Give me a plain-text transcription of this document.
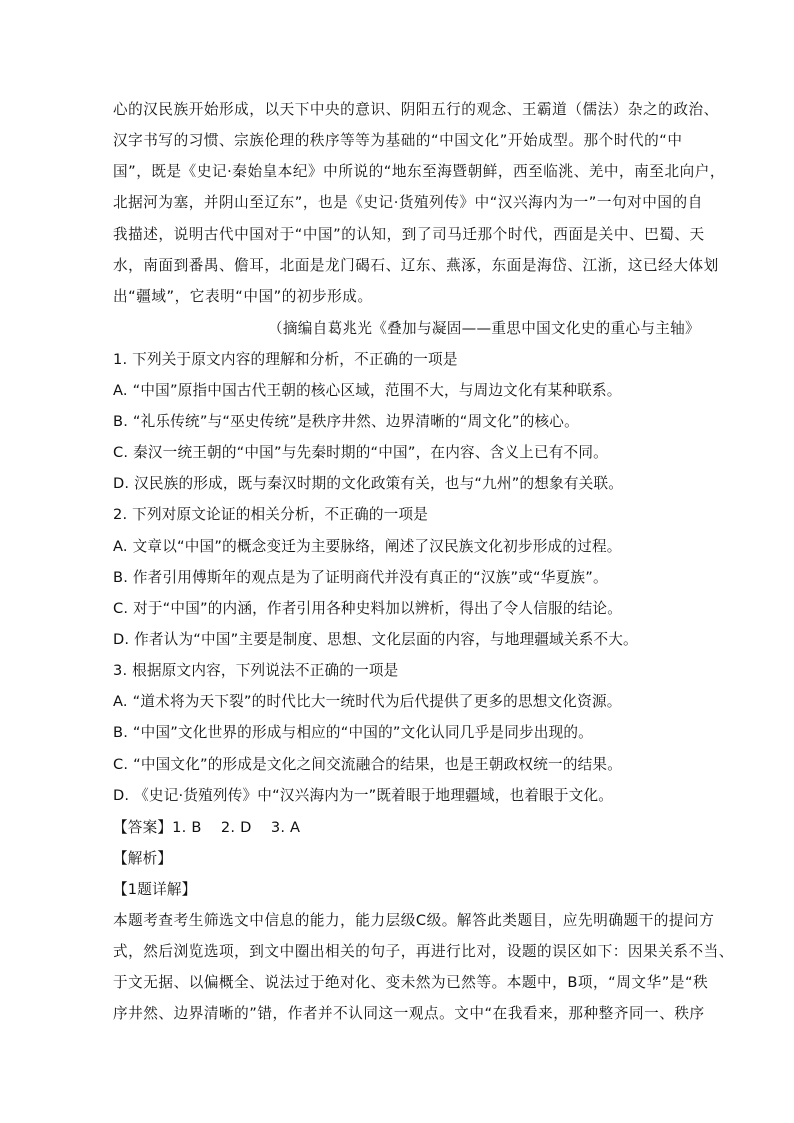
心的汉民族开始形成，以天下中央的意识、阴阳五行的观念、王霸道（儒法）杂之的政治、
汉字书写的习惯、宗族伦理的秩序等等为基础的“中国文化”开始成型。那个时代的“中
国”，既是《史记·秦始皇本纪》中所说的“地东至海暨朝鲜，西至临洮、羌中，南至北向户，
北据河为塞，并阴山至辽东”，也是《史记·货殖列传》中“汉兴海内为一”一句对中国的自
我描述，说明古代中国对于“中国”的认知，到了司马迁那个时代，西面是关中、巴蜀、天
水，南面到番禺、儋耳，北面是龙门碣石、辽东、燕涿，东面是海岱、江浙，这已经大体划
出“疆域”，它表明“中国”的初步形成。
（摘编自葛兆光《叠加与凝固——重思中国文化史的重心与主轴》
1. 下列关于原文内容的理解和分析，不正确的一项是
A. “中国”原指中国古代王朝的核心区域，范围不大，与周边文化有某种联系。
B. “礼乐传统”与“巫史传统”是秩序井然、边界清晰的“周文化”的核心。
C. 秦汉一统王朝的“中国”与先秦时期的“中国”，在内容、含义上已有不同。
D. 汉民族的形成，既与秦汉时期的文化政策有关，也与“九州”的想象有关联。
2. 下列对原文论证的相关分析，不正确的一项是
A. 文章以“中国”的概念变迁为主要脉络，阐述了汉民族文化初步形成的过程。
B. 作者引用傅斯年的观点是为了证明商代并没有真正的“汉族”或“华夏族”。
C. 对于“中国”的内涵，作者引用各种史料加以辨析，得出了令人信服的结论。
D. 作者认为“中国”主要是制度、思想、文化层面的内容，与地理疆域关系不大。
3. 根据原文内容，下列说法不正确的一项是
A. “道术将为天下裂”的时代比大一统时代为后代提供了更多的思想文化资源。
B. “中国”文化世界的形成与相应的“中国的”文化认同几乎是同步出现的。
C. “中国文化”的形成是文化之间交流融合的结果，也是王朝政权统一的结果。
D. 《史记·货殖列传》中“汉兴海内为一”既着眼于地理疆域，也着眼于文化。
【答案】1. B    2. D    3. A
【解析】
【1题详解】
本题考查考生筛选文中信息的能力，能力层级C级。解答此类题目，应先明确题干的提问方
式，然后浏览选项，到文中圈出相关的句子，再进行比对，设题的误区如下：因果关系不当、
于文无据、以偏概全、说法过于绝对化、变未然为已然等。本题中，B项，“周文华”是“秩
序井然、边界清晰的”错，作者并不认同这一观点。文中“在我看来，那种整齐同一、秩序
